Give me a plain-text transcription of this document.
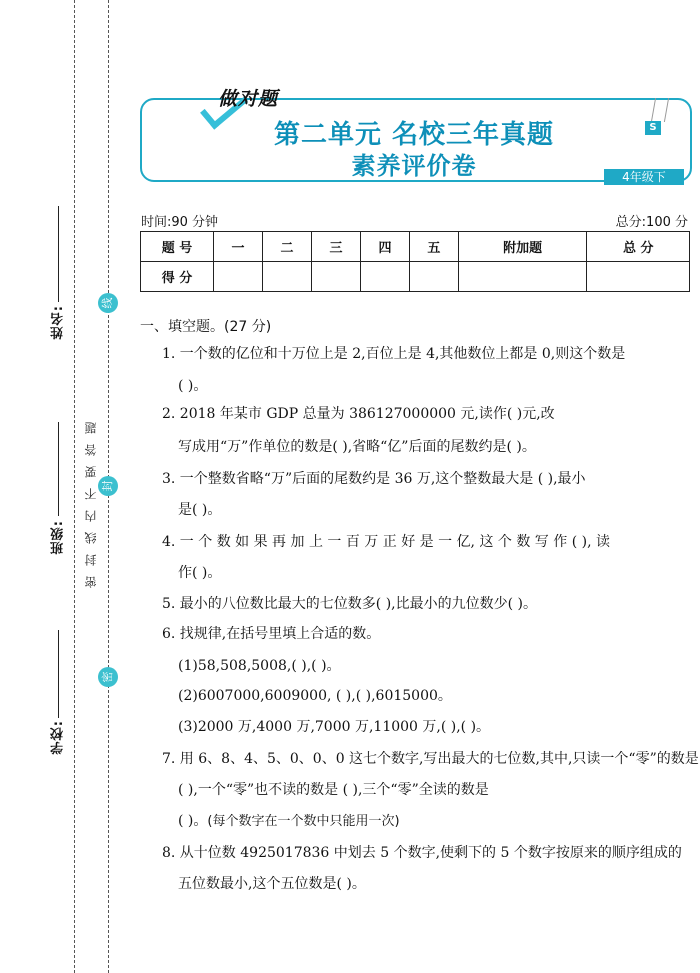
姓名:
班级:
学校:
密封线内不要答题
线
封
密
做对题
第二单元 名校三年真题
素养评价卷
S
4年级下
时间:90 分钟	总分:100 分
题 号	一	二	三	四	五	附加题	总 分
得 分							
一、填空题。(27 分)
1. 一个数的亿位和十万位上是 2,百位上是 4,其他数位上都是 0,则这个数是
( )。
2. 2018 年某市 GDP 总量为 386127000000 元,读作( )元,改
写成用“万”作单位的数是( ),省略“亿”后面的尾数约是( )。
3. 一个整数省略“万”后面的尾数约是 36 万,这个整数最大是 ( ),最小
是( )。
4. 一 个 数 如 果 再 加 上 一 百 万 正 好 是 一 亿, 这 个 数 写 作 ( ), 读
作( )。
5. 最小的八位数比最大的七位数多( ),比最小的九位数少( )。
6. 找规律,在括号里填上合适的数。
(1)58,508,5008,( ),( )。
(2)6007000,6009000, ( ),( ),6015000。
(3)2000 万,4000 万,7000 万,11000 万,( ),( )。
7. 用 6、8、4、5、0、0、0 这七个数字,写出最大的七位数,其中,只读一个“零”的数是
( ),一个“零”也不读的数是 ( ),三个“零”全读的数是
( )。(每个数字在一个数中只能用一次)
8. 从十位数 4925017836 中划去 5 个数字,使剩下的 5 个数字按原来的顺序组成的
五位数最小,这个五位数是( )。
